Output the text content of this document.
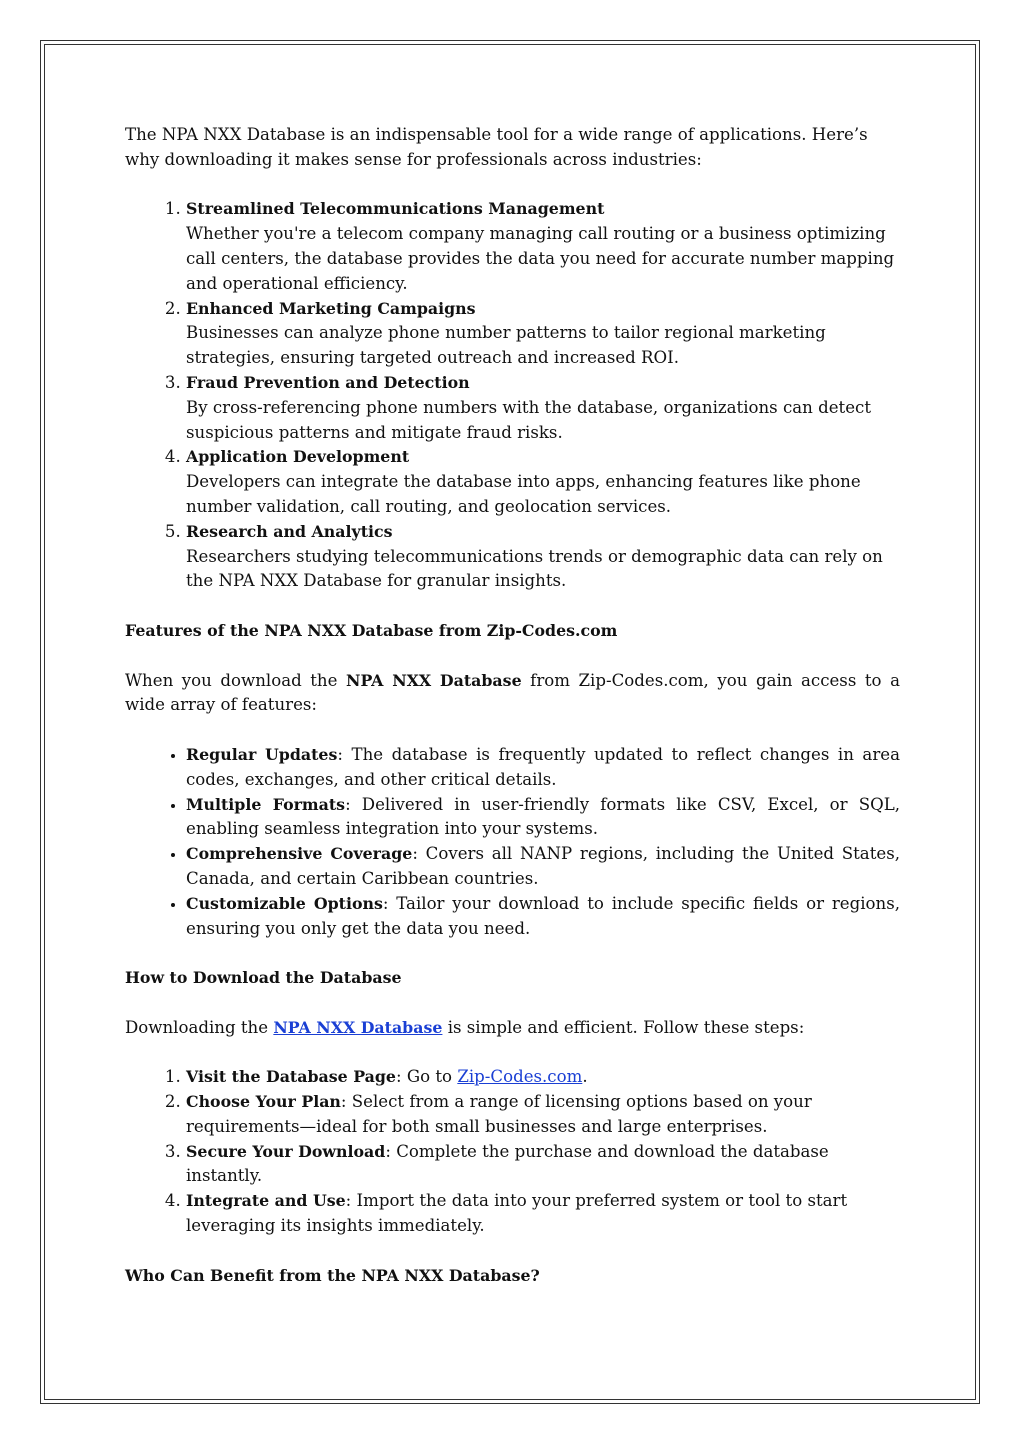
The NPA NXX Database is an indispensable tool for a wide range of applications. Here’s why downloading it makes sense for professionals across industries:

1. Streamlined Telecommunications Management
Whether you're a telecom company managing call routing or a business optimizing call centers, the database provides the data you need for accurate number mapping and operational efficiency.
2. Enhanced Marketing Campaigns
Businesses can analyze phone number patterns to tailor regional marketing strategies, ensuring targeted outreach and increased ROI.
3. Fraud Prevention and Detection
By cross-referencing phone numbers with the database, organizations can detect suspicious patterns and mitigate fraud risks.
4. Application Development
Developers can integrate the database into apps, enhancing features like phone number validation, call routing, and geolocation services.
5. Research and Analytics
Researchers studying telecommunications trends or demographic data can rely on the NPA NXX Database for granular insights.

Features of the NPA NXX Database from Zip-Codes.com

When you download the NPA NXX Database from Zip-Codes.com, you gain access to a wide array of features:

• Regular Updates: The database is frequently updated to reflect changes in area codes, exchanges, and other critical details.
• Multiple Formats: Delivered in user-friendly formats like CSV, Excel, or SQL, enabling seamless integration into your systems.
• Comprehensive Coverage: Covers all NANP regions, including the United States, Canada, and certain Caribbean countries.
• Customizable Options: Tailor your download to include specific fields or regions, ensuring you only get the data you need.

How to Download the Database

Downloading the NPA NXX Database is simple and efficient. Follow these steps:

1. Visit the Database Page: Go to Zip-Codes.com.
2. Choose Your Plan: Select from a range of licensing options based on your requirements—ideal for both small businesses and large enterprises.
3. Secure Your Download: Complete the purchase and download the database instantly.
4. Integrate and Use: Import the data into your preferred system or tool to start leveraging its insights immediately.

Who Can Benefit from the NPA NXX Database?
